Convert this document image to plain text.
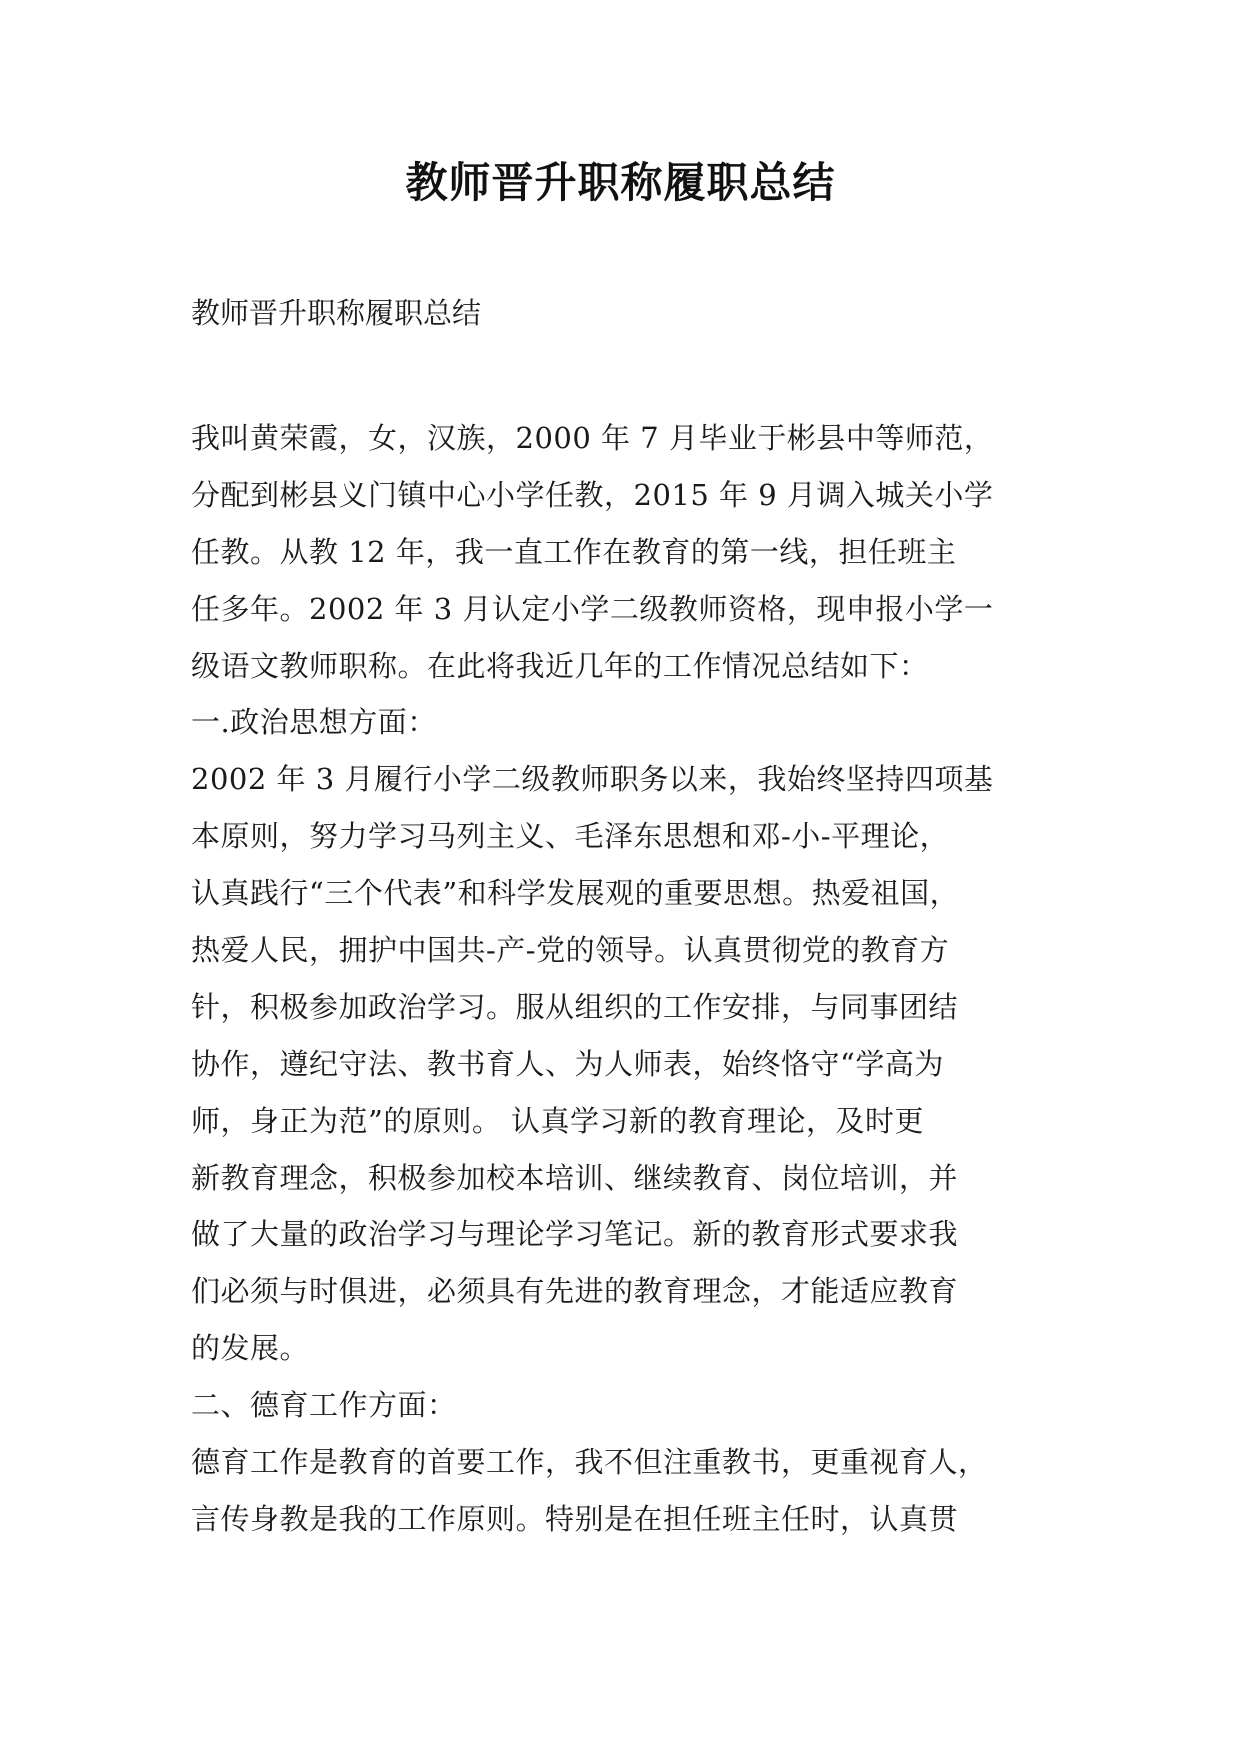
教师晋升职称履职总结

教师晋升职称履职总结

我叫黄荣霞，女，汉族，2000 年 7 月毕业于彬县中等师范，
分配到彬县义门镇中心小学任教，2015 年 9 月调入城关小学
任教。从教 12 年，我一直工作在教育的第一线，担任班主
任多年。2002 年 3 月认定小学二级教师资格，现申报小学一
级语文教师职称。在此将我近几年的工作情况总结如下：
一.政治思想方面：
2002 年 3 月履行小学二级教师职务以来，我始终坚持四项基
本原则，努力学习马列主义、毛泽东思想和邓-小-平理论，
认真践行“三个代表”和科学发展观的重要思想。热爱祖国，
热爱人民，拥护中国共-产-党的领导。认真贯彻党的教育方
针，积极参加政治学习。服从组织的工作安排，与同事团结
协作，遵纪守法、教书育人、为人师表，始终恪守“学高为
师，身正为范”的原则。 认真学习新的教育理论，及时更
新教育理念，积极参加校本培训、继续教育、岗位培训，并
做了大量的政治学习与理论学习笔记。新的教育形式要求我
们必须与时俱进，必须具有先进的教育理念，才能适应教育
的发展。
二、德育工作方面：
德育工作是教育的首要工作，我不但注重教书，更重视育人，
言传身教是我的工作原则。特别是在担任班主任时，认真贯
